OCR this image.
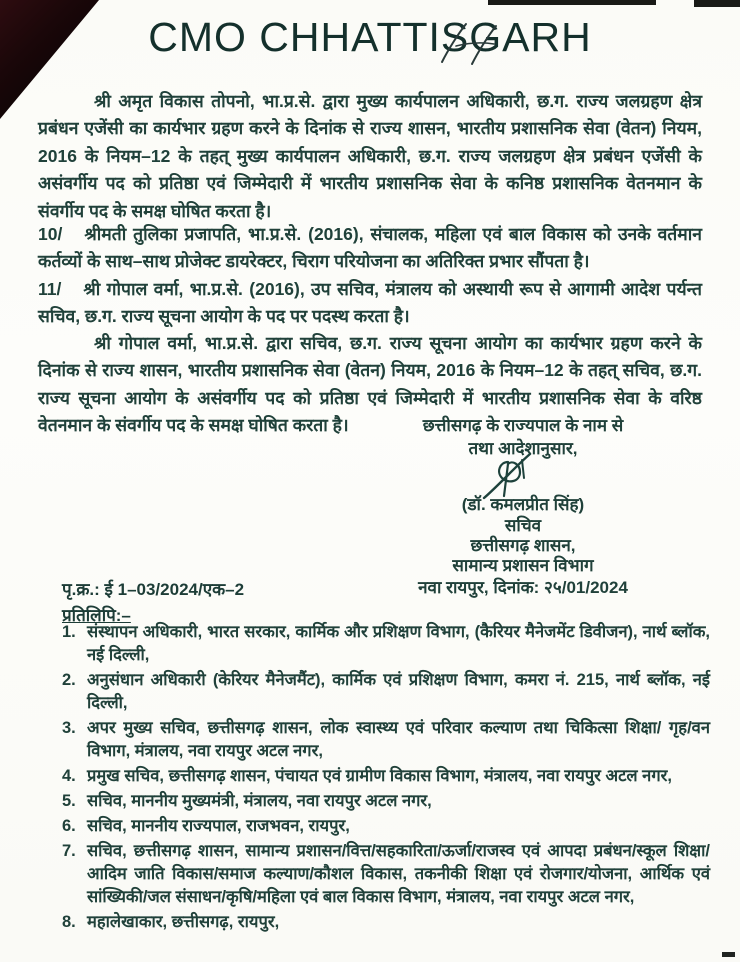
CMO CHHATTISGARH

श्री अमृत विकास तोपनो, भा.प्र.से. द्वारा मुख्य कार्यपालन अधिकारी, छ.ग. राज्य जलग्रहण क्षेत्र प्रबंधन एजेंसी का कार्यभार ग्रहण करने के दिनांक से राज्य शासन, भारतीय प्रशासनिक सेवा (वेतन) नियम, 2016 के नियम–12 के तहत् मुख्य कार्यपालन अधिकारी, छ.ग. राज्य जलग्रहण क्षेत्र प्रबंधन एजेंसी के असंवर्गीय पद को प्रतिष्ठा एवं जिम्मेदारी में भारतीय प्रशासनिक सेवा के कनिष्ठ प्रशासनिक वेतनमान के संवर्गीय पद के समक्ष घोषित करता है।

10/ श्रीमती तुलिका प्रजापति, भा.प्र.से. (2016), संचालक, महिला एवं बाल विकास को उनके वर्तमान कर्तव्यों के साथ–साथ प्रोजेक्ट डायरेक्टर, चिराग परियोजना का अतिरिक्त प्रभार सौंपता है।

11/ श्री गोपाल वर्मा, भा.प्र.से. (2016), उप सचिव, मंत्रालय को अस्थायी रूप से आगामी आदेश पर्यन्त सचिव, छ.ग. राज्य सूचना आयोग के पद पर पदस्थ करता है।

श्री गोपाल वर्मा, भा.प्र.से. द्वारा सचिव, छ.ग. राज्य सूचना आयोग का कार्यभार ग्रहण करने के दिनांक से राज्य शासन, भारतीय प्रशासनिक सेवा (वेतन) नियम, 2016 के नियम–12 के तहत् सचिव, छ.ग. राज्य सूचना आयोग के असंवर्गीय पद को प्रतिष्ठा एवं जिम्मेदारी में भारतीय प्रशासनिक सेवा के वरिष्ठ वेतनमान के संवर्गीय पद के समक्ष घोषित करता है।	छत्तीसगढ़ के राज्यपाल के नाम से
तथा आदेशानुसार,
(डॉ. कमलप्रीत सिंह)
सचिव
छत्तीसगढ़ शासन,
सामान्य प्रशासन विभाग
नवा रायपुर, दिनांक: २५/01/2024
पृ.क्र.: ई 1–03/2024/एक–2
प्रतिलिपि:–
1. संस्थापन अधिकारी, भारत सरकार, कार्मिक और प्रशिक्षण विभाग, (कैरियर मैनेजमेंट डिवीजन), नार्थ ब्लॉक, नई दिल्ली,
2. अनुसंधान अधिकारी (केरियर मैनेजमैंट), कार्मिक एवं प्रशिक्षण विभाग, कमरा नं. 215, नार्थ ब्लॉक, नई दिल्ली,
3. अपर मुख्य सचिव, छत्तीसगढ़ शासन, लोक स्वास्थ्य एवं परिवार कल्याण तथा चिकित्सा शिक्षा/ गृह/वन विभाग, मंत्रालय, नवा रायपुर अटल नगर,
4. प्रमुख सचिव, छत्तीसगढ़ शासन, पंचायत एवं ग्रामीण विकास विभाग, मंत्रालय, नवा रायपुर अटल नगर,
5. सचिव, माननीय मुख्यमंत्री, मंत्रालय, नवा रायपुर अटल नगर,
6. सचिव, माननीय राज्यपाल, राजभवन, रायपुर,
7. सचिव, छत्तीसगढ़ शासन, सामान्य प्रशासन/वित्त/सहकारिता/ऊर्जा/राजस्व एवं आपदा प्रबंधन/स्कूल शिक्षा/आदिम जाति विकास/समाज कल्याण/कौशल विकास, तकनीकी शिक्षा एवं रोजगार/योजना, आर्थिक एवं सांख्यिकी/जल संसाधन/कृषि/महिला एवं बाल विकास विभाग, मंत्रालय, नवा रायपुर अटल नगर,
8. महालेखाकार, छत्तीसगढ़, रायपुर,
